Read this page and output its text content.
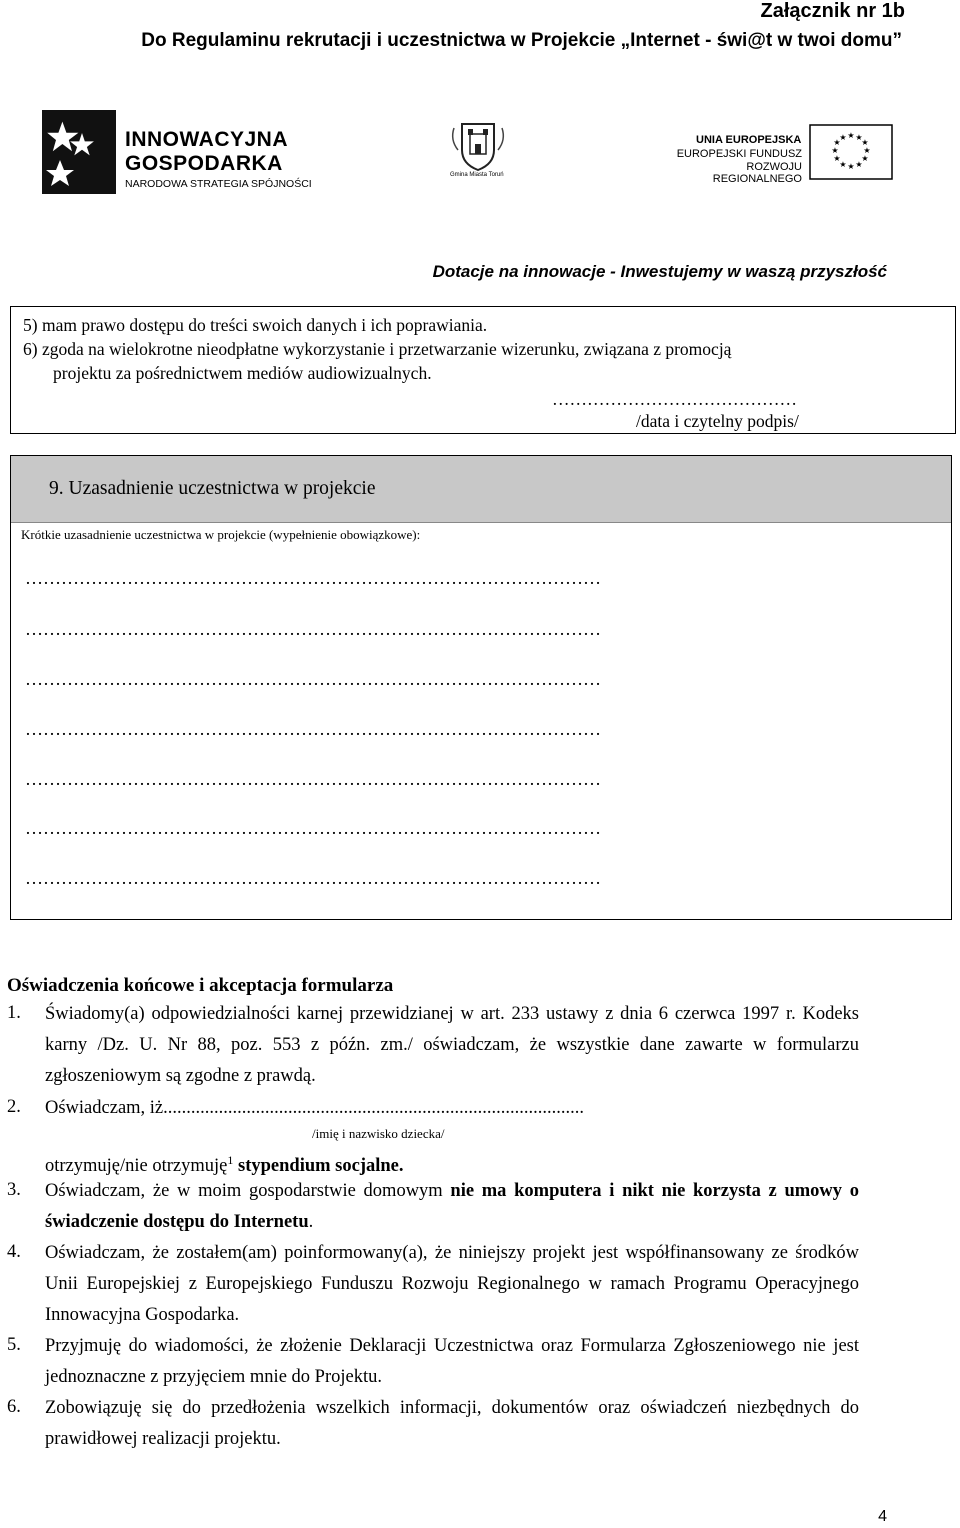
Załącznik nr 1b
Do Regulaminu rekrutacji i uczestnictwa w Projekcie „Internet - świ@t w twoi domu”
INNOWACYJNA
GOSPODARKA
NARODOWA STRATEGIA SPÓJNOŚCI
Gmina Miasta Toruń
UNIA EUROPEJSKA
EUROPEJSKI FUNDUSZ
ROZWOJU REGIONALNEGO
★ ★
★
★
★
★
★
★
★
★
★
★
Dotacje na innowacje - Inwestujemy w waszą przyszłość
5) mam prawo dostępu do treści swoich danych i ich poprawiania.
6) zgoda na wielokrotne nieodpłatne wykorzystanie i przetwarzanie wizerunku, związana z promocją
projektu za pośrednictwem mediów audiowizualnych.
……………………………………
/data i czytelny podpis/
9. Uzasadnienie uczestnictwa w projekcie
Krótkie uzasadnienie uczestnictwa w projekcie (wypełnienie obowiązkowe):
……………………………………………………………………………………
……………………………………………………………………………………
……………………………………………………………………………………
……………………………………………………………………………………
……………………………………………………………………………………
……………………………………………………………………………………
……………………………………………………………………………………
Oświadczenia końcowe i akceptacja formularza
1. Świadomy(a) odpowiedzialności karnej przewidzianej w art. 233 ustawy z dnia 6 czerwca 1997 r. Kodeks karny /Dz. U. Nr 88, poz. 553 z późn. zm./ oświadczam, że wszystkie dane zawarte w formularzu zgłoszeniowym są zgodne z prawdą.
2. Oświadczam, iż...........................................................................................
/imię i nazwisko dziecka/
otrzymuję/nie otrzymuję$^1$ stypendium socjalne.
3. Oświadczam, że w moim gospodarstwie domowym nie ma komputera i nikt nie korzysta z umowy o świadczenie dostępu do Internetu.
4. Oświadczam, że zostałem(am) poinformowany(a), że niniejszy projekt jest współfinansowany ze środków Unii Europejskiej z Europejskiego Funduszu Rozwoju Regionalnego w ramach Programu Operacyjnego Innowacyjna Gospodarka.
5. Przyjmuję do wiadomości, że złożenie Deklaracji Uczestnictwa oraz Formularza Zgłoszeniowego nie jest jednoznaczne z przyjęciem mnie do Projektu.
6. Zobowiązuję się do przedłożenia wszelkich informacji, dokumentów oraz oświadczeń niezbędnych do prawidłowej realizacji projektu.
4
